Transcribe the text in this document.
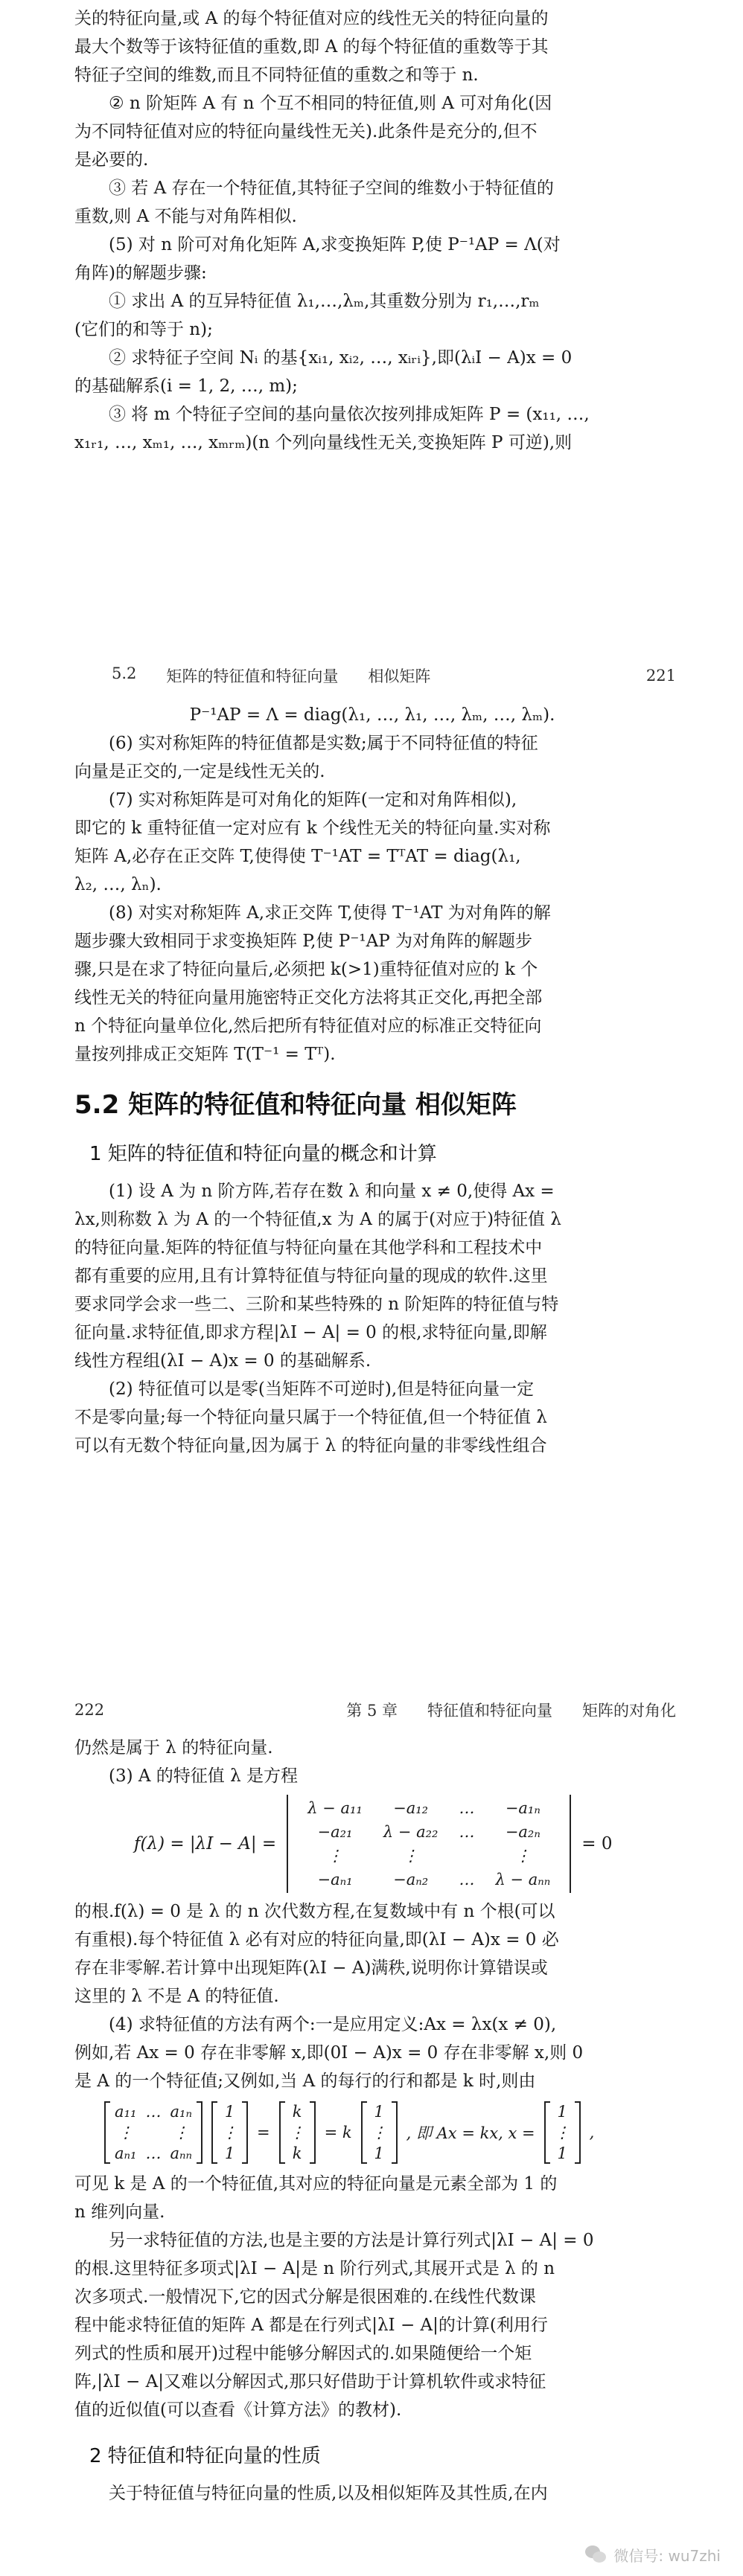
关的特征向量,或 A 的每个特征值对应的线性无关的特征向量的

最大个数等于该特征值的重数,即 A 的每个特征值的重数等于其

特征子空间的维数,而且不同特征值的重数之和等于 n.

② n 阶矩阵 A 有 n 个互不相同的特征值,则 A 可对角化(因

为不同特征值对应的特征向量线性无关).此条件是充分的,但不

是必要的.

③ 若 A 存在一个特征值,其特征子空间的维数小于特征值的

重数,则 A 不能与对角阵相似.

(5) 对 n 阶可对角化矩阵 A,求变换矩阵 P,使 P⁻¹AP = Λ(对

角阵)的解题步骤:

① 求出 A 的互异特征值 λ₁,…,λₘ,其重数分别为 r₁,…,rₘ

(它们的和等于 n);

② 求特征子空间 Nᵢ 的基{xᵢ₁, xᵢ₂, …, xᵢᵣᵢ},即(λᵢI − A)x = 0

的基础解系(i = 1, 2, …, m);

③ 将 m 个特征子空间的基向量依次按列排成矩阵 P = (x₁₁, …,

x₁ᵣ₁, …, xₘ₁, …, xₘᵣₘ)(n 个列向量线性无关,变换矩阵 P 可逆),则

5.2 矩阵的特征值和特征向量 相似矩阵	221

P⁻¹AP = Λ = diag(λ₁, …, λ₁, …, λₘ, …, λₘ).

(6) 实对称矩阵的特征值都是实数;属于不同特征值的特征

向量是正交的,一定是线性无关的.

(7) 实对称矩阵是可对角化的矩阵(一定和对角阵相似),

即它的 k 重特征值一定对应有 k 个线性无关的特征向量.实对称

矩阵 A,必存在正交阵 T,使得使 T⁻¹AT = TᵀAT = diag(λ₁,

λ₂, …, λₙ).

(8) 对实对称矩阵 A,求正交阵 T,使得 T⁻¹AT 为对角阵的解

题步骤大致相同于求变换矩阵 P,使 P⁻¹AP 为对角阵的解题步

骤,只是在求了特征向量后,必须把 k(>1)重特征值对应的 k 个

线性无关的特征向量用施密特正交化方法将其正交化,再把全部

n 个特征向量单位化,然后把所有特征值对应的标准正交特征向

量按列排成正交矩阵 T(T⁻¹ = Tᵀ).

5.2 矩阵的特征值和特征向量 相似矩阵
1 矩阵的特征值和特征向量的概念和计算

(1) 设 A 为 n 阶方阵,若存在数 λ 和向量 x ≠ 0,使得 Ax =

λx,则称数 λ 为 A 的一个特征值,x 为 A 的属于(对应于)特征值 λ

的特征向量.矩阵的特征值与特征向量在其他学科和工程技术中

都有重要的应用,且有计算特征值与特征向量的现成的软件.这里

要求同学会求一些二、三阶和某些特殊的 n 阶矩阵的特征值与特

征向量.求特征值,即求方程|λI − A| = 0 的根,求特征向量,即解

线性方程组(λI − A)x = 0 的基础解系.

(2) 特征值可以是零(当矩阵不可逆时),但是特征向量一定

不是零向量;每一个特征向量只属于一个特征值,但一个特征值 λ

可以有无数个特征向量,因为属于 λ 的特征向量的非零线性组合

222	第 5 章 特征值和特征向量 矩阵的对角化

仍然是属于 λ 的特征向量.

(3) A 的特征值 λ 是方程

f(λ) = |λI − A| =
λ − a₁₁	−a₁₂	…	−a₁ₙ
−a₂₁	λ − a₂₂	…	−a₂ₙ
⋮	⋮		⋮
−aₙ₁	−aₙ₂	…	λ − aₙₙ
= 0

的根.f(λ) = 0 是 λ 的 n 次代数方程,在复数域中有 n 个根(可以

有重根).每个特征值 λ 必有对应的特征向量,即(λI − A)x = 0 必

存在非零解.若计算中出现矩阵(λI − A)满秩,说明你计算错误或

这里的 λ 不是 A 的特征值.

(4) 求特征值的方法有两个:一是应用定义:Ax = λx(x ≠ 0),

例如,若 Ax = 0 存在非零解 x,即(0I − A)x = 0 存在非零解 x,则 0

是 A 的一个特征值;又例如,当 A 的每行的行和都是 k 时,则由

a₁₁	…	a₁ₙ
⋮		⋮
aₙ₁	…	aₙₙ
1
⋮
1
=
k
⋮
k
= k
1
⋮
1
, 即 Ax = kx, x =
1
⋮
1
,

可见 k 是 A 的一个特征值,其对应的特征向量是元素全部为 1 的

n 维列向量.

另一求特征值的方法,也是主要的方法是计算行列式|λI − A| = 0

的根.这里特征多项式|λI − A|是 n 阶行列式,其展开式是 λ 的 n

次多项式.一般情况下,它的因式分解是很困难的.在线性代数课

程中能求特征值的矩阵 A 都是在行列式|λI − A|的计算(利用行

列式的性质和展开)过程中能够分解因式的.如果随便给一个矩

阵,|λI − A|又难以分解因式,那只好借助于计算机软件或求特征

值的近似值(可以查看《计算方法》的教材).

2 特征值和特征向量的性质

关于特征值与特征向量的性质,以及相似矩阵及其性质,在内

微信号: wu7zhi
